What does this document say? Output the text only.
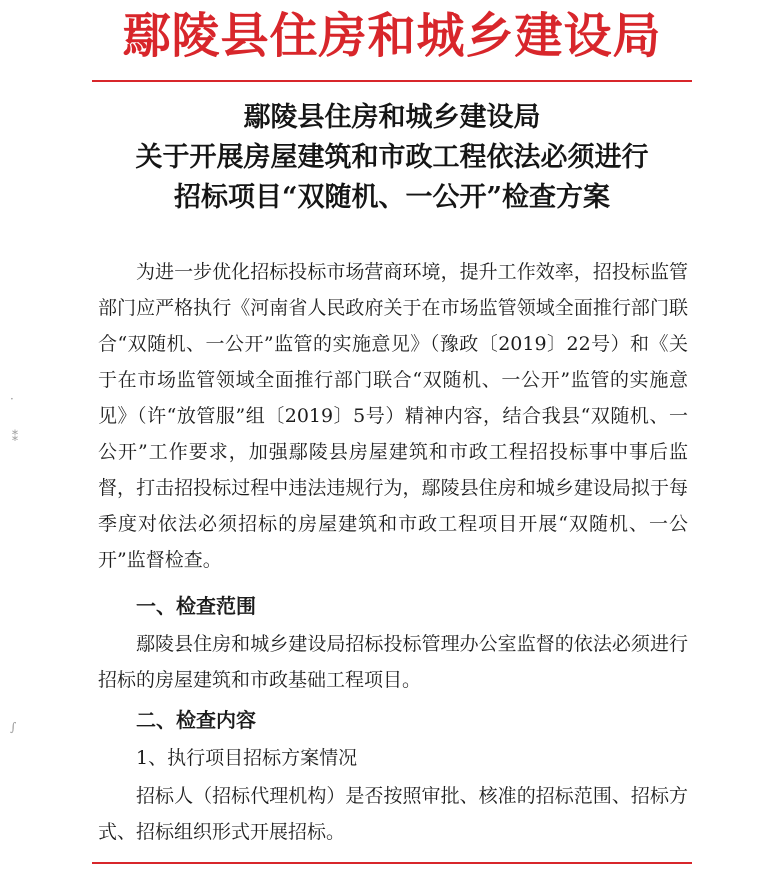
鄢陵县住房和城乡建设局
鄢陵县住房和城乡建设局
关于开展房屋建筑和市政工程依法必须进行
招标项目“双随机、一公开”检查方案
为进一步优化招标投标市场营商环境，提升工作效率，招投标监管部门应严格执行《河南省人民政府关于在市场监管领域全面推行部门联合“双随机、一公开”监管的实施意见》（豫政〔2019〕22号）和《关于在市场监管领域全面推行部门联合“双随机、一公开”监管的实施意见》（许“放管服”组〔2019〕5号）精神内容，结合我县“双随机、一公开”工作要求，加强鄢陵县房屋建筑和市政工程招投标事中事后监督，打击招投标过程中违法违规行为，鄢陵县住房和城乡建设局拟于每季度对依法必须招标的房屋建筑和市政工程项目开展“双随机、一公开”监督检查。
一、检查范围
鄢陵县住房和城乡建设局招标投标管理办公室监督的依法必须进行招标的房屋建筑和市政基础工程项目。
二、检查内容
1、执行项目招标方案情况
招标人（招标代理机构）是否按照审批、核准的招标范围、招标方式、招标组织形式开展招标。
·
⁑
∫
